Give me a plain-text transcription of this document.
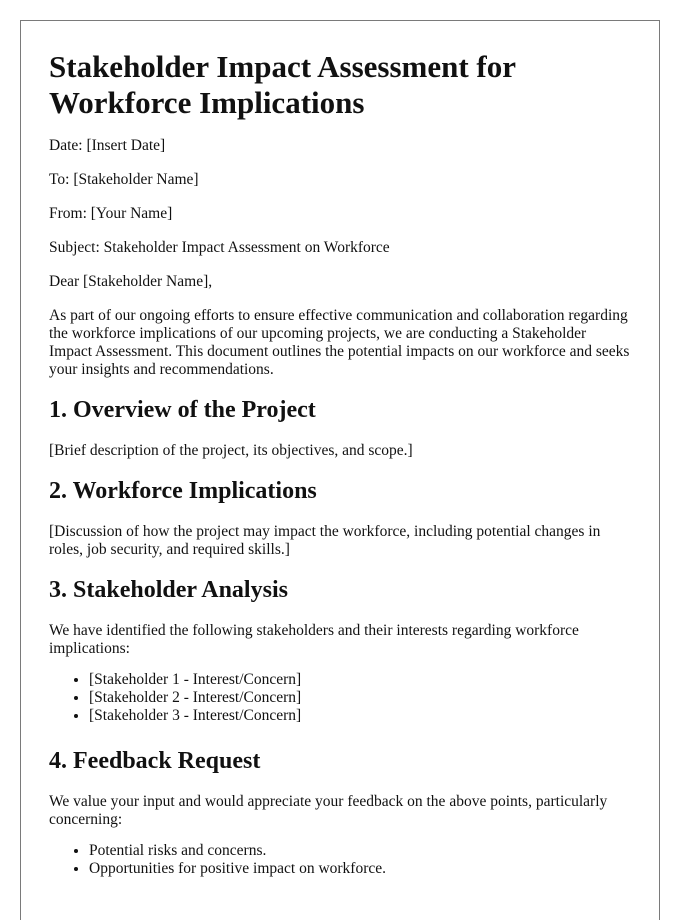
Stakeholder Impact Assessment for Workforce Implications

Date: [Insert Date]

To: [Stakeholder Name]

From: [Your Name]

Subject: Stakeholder Impact Assessment on Workforce

Dear [Stakeholder Name],

As part of our ongoing efforts to ensure effective communication and collaboration regarding the workforce implications of our upcoming projects, we are conducting a Stakeholder Impact Assessment. This document outlines the potential impacts on our workforce and seeks your insights and recommendations.

1. Overview of the Project

[Brief description of the project, its objectives, and scope.]

2. Workforce Implications

[Discussion of how the project may impact the workforce, including potential changes in roles, job security, and required skills.]

3. Stakeholder Analysis

We have identified the following stakeholders and their interests regarding workforce implications:

• [Stakeholder 1 - Interest/Concern]
• [Stakeholder 2 - Interest/Concern]
• [Stakeholder 3 - Interest/Concern]
4. Feedback Request

We value your input and would appreciate your feedback on the above points, particularly concerning:

• Potential risks and concerns.
• Opportunities for positive impact on workforce.
